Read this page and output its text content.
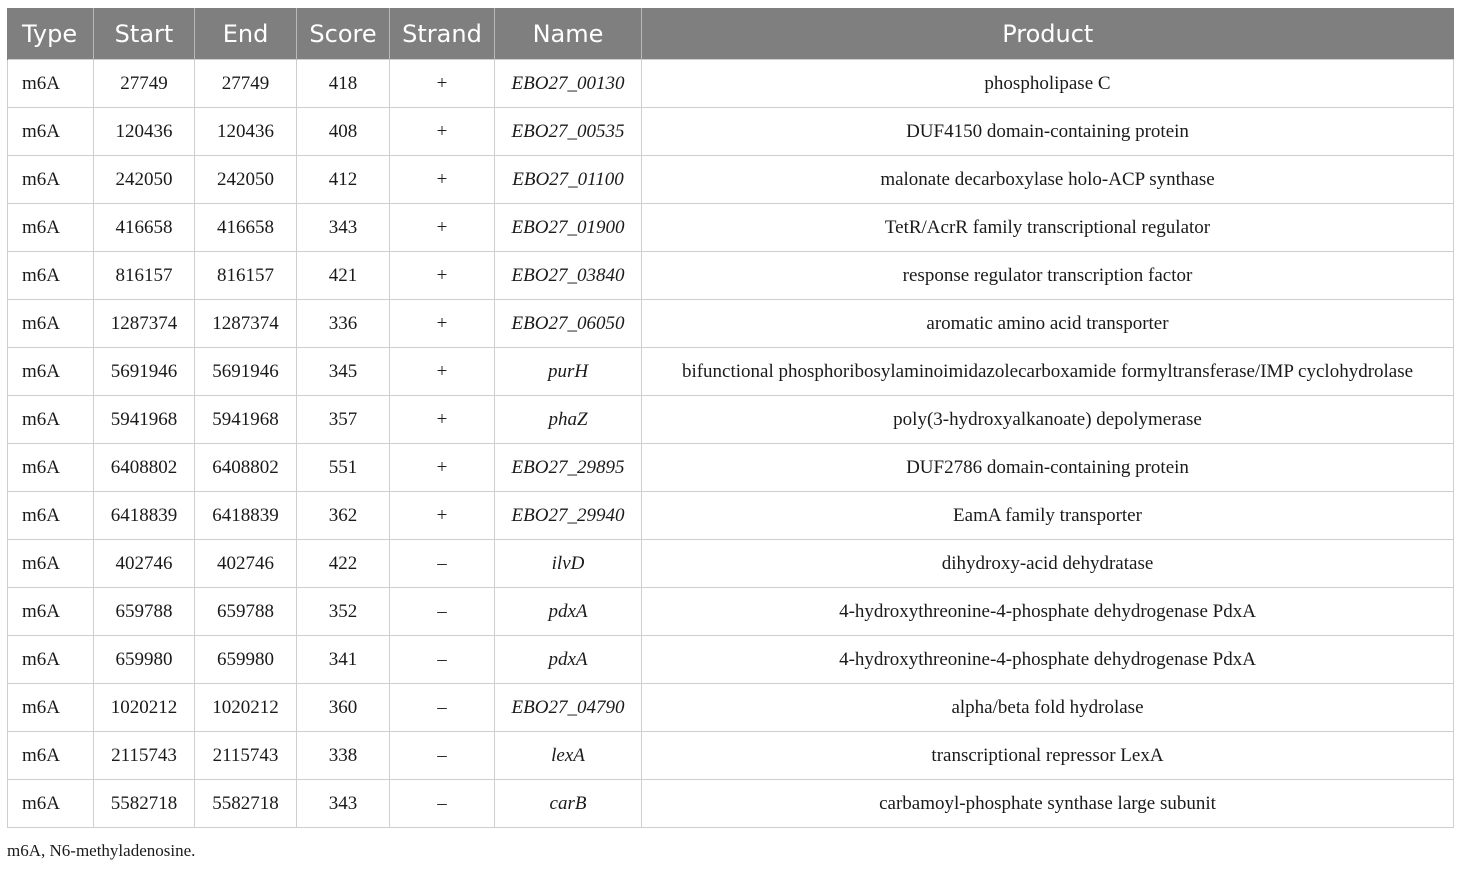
Type	Start	End	Score	Strand	Name	Product
m6A	27749	27749	418	+	EBO27_00130	phospholipase C
m6A	120436	120436	408	+	EBO27_00535	DUF4150 domain-containing protein
m6A	242050	242050	412	+	EBO27_01100	malonate decarboxylase holo-ACP synthase
m6A	416658	416658	343	+	EBO27_01900	TetR/AcrR family transcriptional regulator
m6A	816157	816157	421	+	EBO27_03840	response regulator transcription factor
m6A	1287374	1287374	336	+	EBO27_06050	aromatic amino acid transporter
m6A	5691946	5691946	345	+	purH	bifunctional phosphoribosylaminoimidazolecarboxamide formyltransferase/IMP cyclohydrolase
m6A	5941968	5941968	357	+	phaZ	poly(3-hydroxyalkanoate) depolymerase
m6A	6408802	6408802	551	+	EBO27_29895	DUF2786 domain-containing protein
m6A	6418839	6418839	362	+	EBO27_29940	EamA family transporter
m6A	402746	402746	422	–	ilvD	dihydroxy-acid dehydratase
m6A	659788	659788	352	–	pdxA	4-hydroxythreonine-4-phosphate dehydrogenase PdxA
m6A	659980	659980	341	–	pdxA	4-hydroxythreonine-4-phosphate dehydrogenase PdxA
m6A	1020212	1020212	360	–	EBO27_04790	alpha/beta fold hydrolase
m6A	2115743	2115743	338	–	lexA	transcriptional repressor LexA
m6A	5582718	5582718	343	–	carB	carbamoyl-phosphate synthase large subunit
m6A, N6-methyladenosine.
